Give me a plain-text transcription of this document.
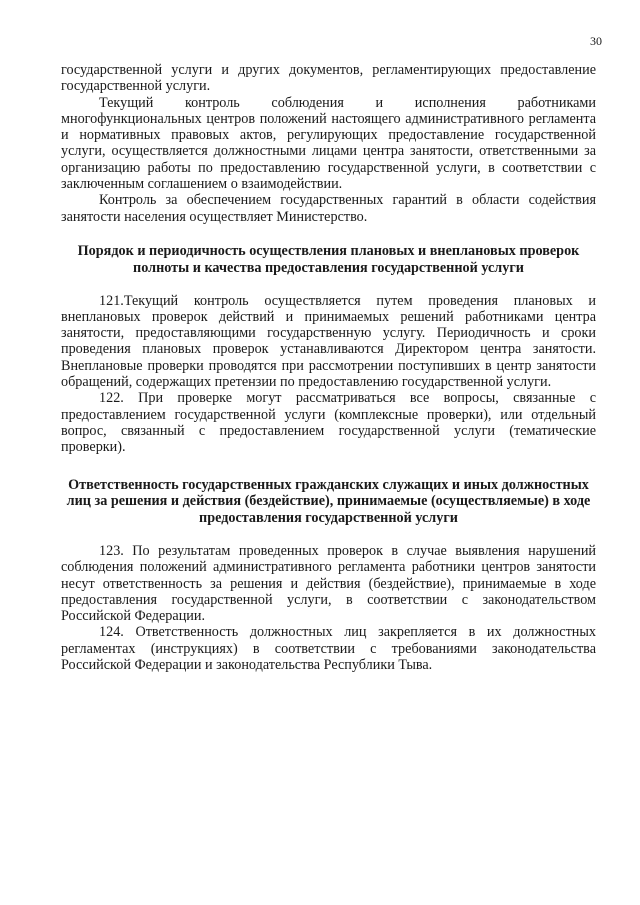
30

государственной услуги и других документов, регламентирующих предоставление государственной услуги.

Текущий контроль соблюдения и исполнения работниками многофункциональных центров положений настоящего административного регламента и нормативных правовых актов, регулирующих предоставление государственной услуги, осуществляется должностными лицами центра занятости, ответственными за организацию работы по предоставлению государственной услуги, в соответствии с заключенным соглашением о взаимодействии.

Контроль за обеспечением государственных гарантий в области содействия занятости населения осуществляет Министерство.

Порядок и периодичность осуществления плановых и внеплановых проверок полноты и качества предоставления государственной услуги

121.Текущий контроль осуществляется путем проведения плановых и внеплановых проверок действий и принимаемых решений работниками центра занятости, предоставляющими государственную услугу. Периодичность и сроки проведения плановых проверок устанавливаются Директором центра занятости. Внеплановые проверки проводятся при рассмотрении поступивших в центр занятости обращений, содержащих претензии по предоставлению государственной услуги.

122. При проверке могут рассматриваться все вопросы, связанные с предоставлением государственной услуги (комплексные проверки), или отдельный вопрос, связанный с предоставлением государственной услуги (тематические проверки).

Ответственность государственных гражданских служащих и иных должностных лиц за решения и действия (бездействие), принимаемые (осуществляемые) в ходе предоставления государственной услуги

123. По результатам проведенных проверок в случае выявления нарушений соблюдения положений административного регламента работники центров занятости несут ответственность за решения и действия (бездействие), принимаемые в ходе предоставления государственной услуги, в соответствии с законодательством Российской Федерации.

124. Ответственность должностных лиц закрепляется в их должностных регламентах (инструкциях) в соответствии с требованиями законодательства Российской Федерации и законодательства Республики Тыва.
